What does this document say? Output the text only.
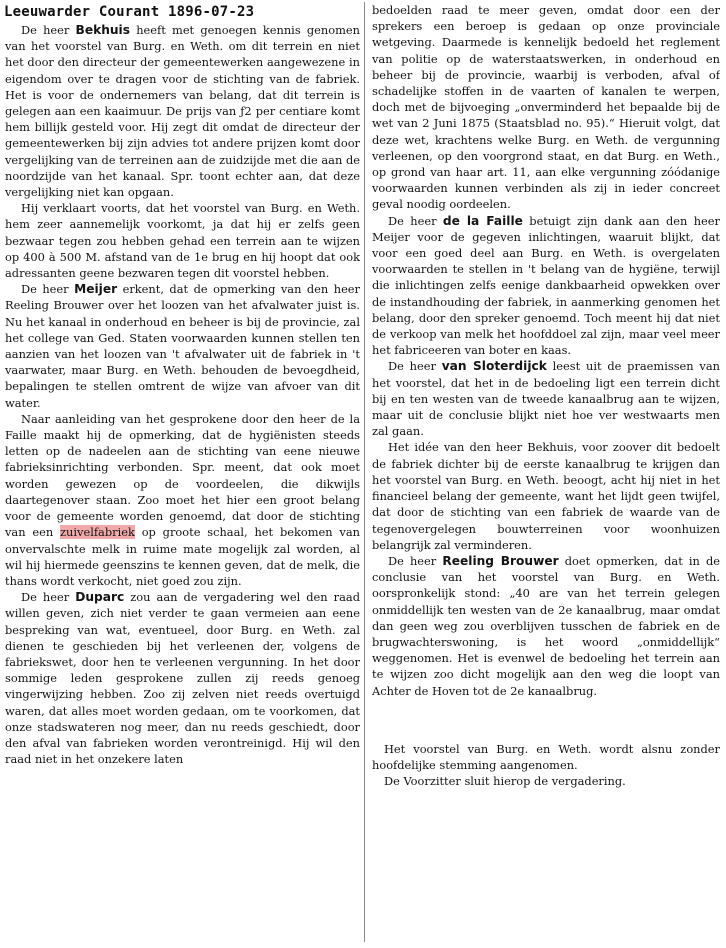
Leeuwarder Courant 1896-07-23

De heer Bekhuis heeft met genoegen kennis genomen van het voorstel van Burg. en Weth. om dit terrein en niet het door den directeur der gemeentewerken aangewezene in eigendom over te dragen voor de stichting van de fabriek. Het is voor de ondernemers van belang, dat dit terrein is gelegen aan een kaaimuur. De prijs van ƒ2 per centiare komt hem billijk gesteld voor. Hij zegt dit omdat de directeur der gemeentewerken bij zijn advies tot andere prijzen komt door vergelijking van de terreinen aan de zuidzijde met die aan de noordzijde van het kanaal. Spr. toont echter aan, dat deze vergelijking niet kan opgaan.

Hij verklaart voorts, dat het voorstel van Burg. en Weth. hem zeer aannemelijk voorkomt, ja dat hij er zelfs geen bezwaar tegen zou hebben gehad een terrein aan te wijzen op 400 à 500 M. afstand van de 1e brug en hij hoopt dat ook adressanten geene bezwaren tegen dit voorstel hebben.

De heer Meijer erkent, dat de opmerking van den heer Reeling Brouwer over het loozen van het afvalwater juist is. Nu het kanaal in onderhoud en beheer is bij de provincie, zal het college van Ged. Staten voorwaarden kunnen stellen ten aanzien van het loozen van 't afvalwater uit de fabriek in 't vaarwater, maar Burg. en Weth. behouden de bevoegdheid, bepalingen te stellen omtrent de wijze van afvoer van dit water.

Naar aanleiding van het gesprokene door den heer de la Faille maakt hij de opmerking, dat de hygiënisten steeds letten op de nadeelen aan de stichting van eene nieuwe fabrieksinrichting verbonden. Spr. meent, dat ook moet worden gewezen op de voordeelen, die dikwijls daartegenover staan. Zoo moet het hier een groot belang voor de gemeente worden genoemd, dat door de stichting van een zuivelfabriek op groote schaal, het bekomen van onvervalschte melk in ruime mate mogelijk zal worden, al wil hij hiermede geenszins te kennen geven, dat de melk, die thans wordt verkocht, niet goed zou zijn.

De heer Duparc zou aan de vergadering wel den raad willen geven, zich niet verder te gaan vermeien aan eene bespreking van wat, eventueel, door Burg. en Weth. zal dienen te geschieden bij het verleenen der, volgens de fabriekswet, door hen te verleenen vergunning. In het door sommige leden gesprokene zullen zij reeds genoeg vingerwijzing hebben. Zoo zij zelven niet reeds overtuigd waren, dat alles moet worden gedaan, om te voorkomen, dat onze stadswateren nog meer, dan nu reeds geschiedt, door den afval van fabrieken worden verontreinigd. Hij wil den raad niet in het onzekere laten

bedoelden raad te meer geven, omdat door een der sprekers een beroep is gedaan op onze provinciale wetgeving. Daarmede is kennelijk bedoeld het reglement van politie op de waterstaatswerken, in onderhoud en beheer bij de provincie, waarbij is verboden, afval of schadelijke stoffen in de vaarten of kanalen te werpen, doch met de bijvoeging „onverminderd het bepaalde bij de wet van 2 Juni 1875 (Staatsblad no. 95).“ Hieruit volgt, dat deze wet, krachtens welke Burg. en Weth. de vergunning verleenen, op den voorgrond staat, en dat Burg. en Weth., op grond van haar art. 11, aan elke vergunning zóódanige voorwaarden kunnen verbinden als zij in ieder concreet geval noodig oordeelen.

De heer de la Faille betuigt zijn dank aan den heer Meijer voor de gegeven inlichtingen, waaruit blijkt, dat voor een goed deel aan Burg. en Weth. is overgelaten voorwaarden te stellen in 't belang van de hygiëne, terwijl die inlichtingen zelfs eenige dankbaarheid opwekken over de instandhouding der fabriek, in aanmerking genomen het belang, door den spreker genoemd. Toch meent hij dat niet de verkoop van melk het hoofddoel zal zijn, maar veel meer het fabriceeren van boter en kaas.

De heer van Sloterdijck leest uit de praemissen van het voorstel, dat het in de bedoeling ligt een terrein dicht bij en ten westen van de tweede kanaalbrug aan te wijzen, maar uit de conclusie blijkt niet hoe ver westwaarts men zal gaan.

Het idée van den heer Bekhuis, voor zoover dit bedoelt de fabriek dichter bij de eerste kanaalbrug te krijgen dan het voorstel van Burg. en Weth. beoogt, acht hij niet in het financieel belang der gemeente, want het lijdt geen twijfel, dat door de stichting van een fabriek de waarde van de tegenovergelegen bouwterreinen voor woonhuizen belangrijk zal verminderen.

De heer Reeling Brouwer doet opmerken, dat in de conclusie van het voorstel van Burg. en Weth. oorspronkelijk stond: „40 are van het terrein gelegen onmiddellijk ten westen van de 2e kanaalbrug, maar omdat dan geen weg zou overblijven tusschen de fabriek en de brugwachterswoning, is het woord „onmiddellijk“ weggenomen. Het is evenwel de bedoeling het terrein aan te wijzen zoo dicht mogelijk aan den weg die loopt van Achter de Hoven tot de 2e kanaalbrug.

Het voorstel van Burg. en Weth. wordt alsnu zonder hoofdelijke stemming aangenomen.

De Voorzitter sluit hierop de vergadering.
